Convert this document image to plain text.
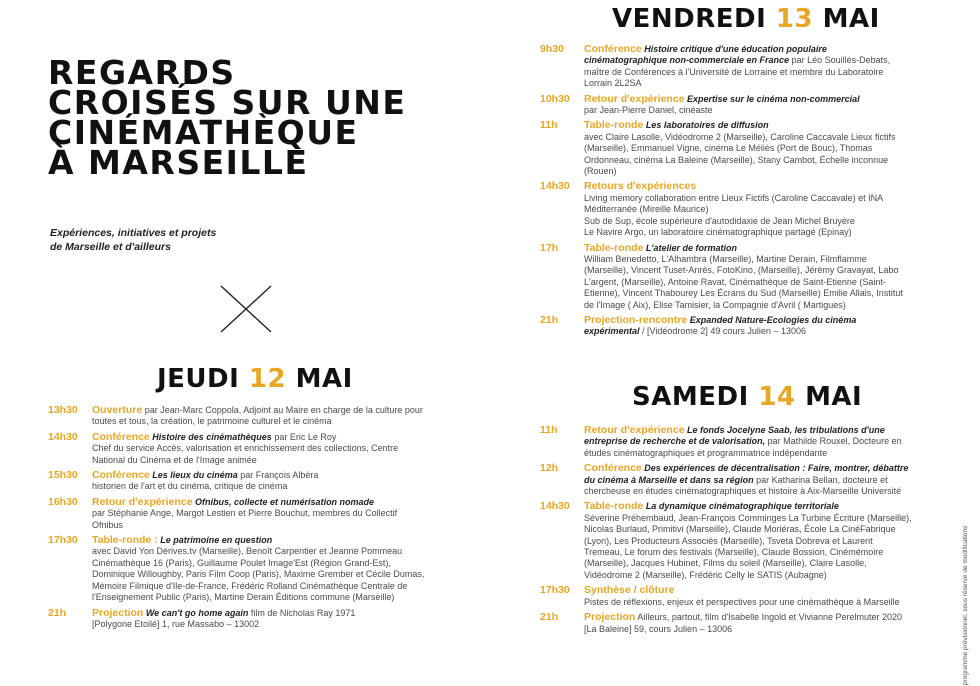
REGARDS
CROISÉS SUR UNE
CINÉMATHÈQUE
À MARSEILLE
Expériences, initiatives et projets
de Marseille et d'ailleurs
JEUDI 12 MAI
13h30 Ouverture par Jean-Marc Coppola, Adjoint au Maire en charge de la culture pour toutes et tous, la création, le patrimoine culturel et le cinéma
14h30 Conférence Histoire des cinémathèques par Eric Le Roy
Chef du service Accès, valorisation et enrichissement des collections, Centre National du Cinéma et de l'Image animée
15h30 Conférence Les lieux du cinéma par François Albéra
historien de l'art et du cinéma, critique de cinéma
16h30 Retour d'expérience Ofnibus, collecte et numérisation nomade
par Stéphanie Ange, Margot Lestien et Pierre Bouchut, membres du Collectif Ofnibus
17h30 Table-ronde : Le patrimoine en question
avec David Yon Dérives.tv (Marseille), Benoît Carpentier et Jeanne Pommeau Cinémathèque 16 (Paris), Guillaume Poulet Image'Est (Région Grand-Est), Dominique Willoughby, Paris Film Coop (Paris), Maxime Grember et Cécile Dumas, Mémoire Filmique d'Ile-de-France, Frédéric Rolland Cinémathèque Centrale de l'Enseignement Public (Paris), Martine Derain Éditions commune (Marseille)
21h Projection We can't go home again film de Nicholas Ray 1971
[Polygone Etoilé] 1, rue Massabo – 13002
VENDREDI 13 MAI
9h30 Conférence Histoire critique d'une éducation populaire cinématographique non-commerciale en France par Léo Souillés-Debats, maître de Conférences à l'Université de Lorraine et membre du Laboratoire Lorrain 2L2SA
10h30 Retour d'expérience Expertise sur le cinéma non-commercial
par Jean-Pierre Daniel, cinéaste
11h	Table-ronde Les laboratoires de diffusion
avec Claire Lasolle, Vidéodrome 2 (Marseille), Caroline Caccavale Lieux fictifs (Marseille), Emmanuel Vigne, cinéma Le Méliès (Port de Bouc), Thomas Ordonneau, cinéma La Baleine (Marseille), Stany Cambot, Échelle inconnue (Rouen)
14h30 Retours d'expériences
Living memory collaboration entre Lieux Fictifs (Caroline Caccavale) et INA Méditerranée (Mireille Maurice)
Sub de Sup, école supérieure d'autodidaxie de Jean Michel Bruyère
Le Navire Argo, un laboratoire cinématographique partagé (Epinay)
17h Table-ronde L'atelier de formation
William Benedetto, L'Alhambra (Marseille), Martine Derain, Filmflamme (Marseille), Vincent Tuset-Anrès, FotoKino, (Marseille), Jérémy Gravayat, Labo L'argent, (Marseille), Antoine Ravat, Cinémathèque de Saint-Etienne (Saint-Etienne), Vincent Thabourey Les Écrans du Sud (Marseille) Emilie Allais, Institut de l'Image ( Aix), Elise Tamisier, la Compagnie d'Avril ( Martigues)
21h Projection-rencontre Expanded Nature-Ecologies du cinéma expérimental / [Vidéodrome 2] 49 cours Julien – 13006
SAMEDI 14 MAI
11h	Retour d'expérience Le fonds Jocelyne Saab, les tribulations d'une entreprise de recherche et de valorisation, par Mathilde Rouxel, Docteure en études cinématographiques et programmatrice indépendante
12h Conférence Des expériences de décentralisation : Faire, montrer, débattre du cinéma à Marseille et dans sa région par Katharina Bellan, docteure et chercheuse en études cinématographiques et histoire à Aix-Marseille Université
14h30 Table-ronde La dynamique cinématographique territoriale
Séverine Préhembaud, Jean-François Comminges La Turbine Écriture (Marseille), Nicolas Burlaud, Primitivi (Marseille), Claude Moriéras, École La CinéFabrique (Lyon), Les Producteurs Associés (Marseille), Tsveta Dobreva et Laurent Tremeau, Le forum des festivals (Marseille), Claude Bossion, Cinémémoire (Marseille), Jacques Hubinet, Films du soleil (Marseille), Claire Lasolle, Vidéodrome 2 (Marseille), Frédéric Celly le SATIS (Aubagne)
17h30 Synthèse / clôture
Pistes de réflexions, enjeux et perspectives pour une cinémathèque à Marseille
21h Projection Ailleurs, partout, film d'Isabelle Ingold et Vivianne Perelmuter 2020 [La Baleine] 59, cours Julien – 13006	programme prévisionnel, sous réserve de modifications
